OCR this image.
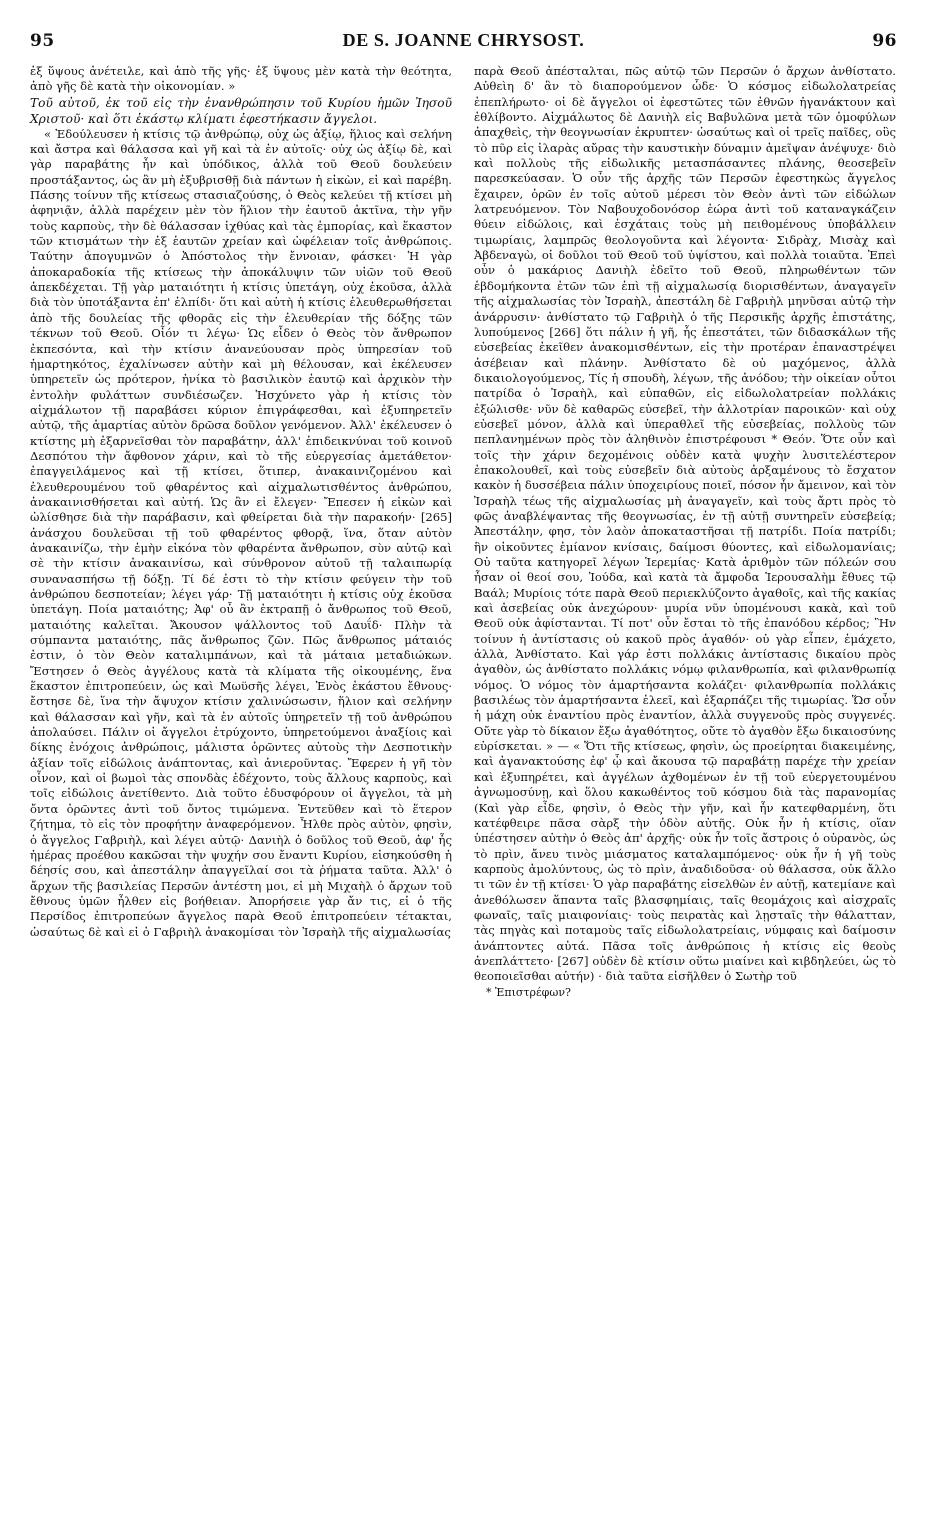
95	DE S. JOANNE CHRYSOST.	96

ἐξ ὕψους ἀνέτειλε, καὶ ἀπὸ τῆς γῆς· ἐξ ὕψους μὲν κατὰ τὴν θεότητα, ἀπὸ γῆς δὲ κατὰ τὴν οἰκονομίαν. »

Τοῦ αὐτοῦ, ἐκ τοῦ εἰς τὴν ἐνανθρώπησιν τοῦ Κυρίου ἡμῶν Ἰησοῦ Χριστοῦ· καὶ ὅτι ἑκάστῳ κλίματι ἐφεστήκασιν ἄγγελοι.

« Ἐδούλευσεν ἡ κτίσις τῷ ἀνθρώπῳ, οὐχ ὡς ἀξίῳ, ἥλιος καὶ σελήνη καὶ ἄστρα καὶ θάλασσα καὶ γῆ καὶ τὰ ἐν αὐτοῖς· οὐχ ὡς ἀξίῳ δὲ, καὶ γὰρ παραβάτης ἦν καὶ ὑπόδικος, ἀλλὰ τοῦ Θεοῦ δουλεύειν προστάξαντος, ὡς ἂν μὴ ἐξυβρισθῇ διὰ πάντων ἡ εἰκὼν, εἰ καὶ παρέβη. Πάσης τοίνυν τῆς κτίσεως στασιαζούσης, ὁ Θεὸς κελεύει τῇ κτίσει μὴ ἀφηνιᾷν, ἀλλὰ παρέχειν μὲν τὸν ἥλιον τὴν ἑαυτοῦ ἀκτῖνα, τὴν γῆν τοὺς καρποὺς, τὴν δὲ θάλασσαν ἰχθύας καὶ τὰς ἐμπορίας, καὶ ἕκαστον τῶν κτισμάτων τὴν ἐξ ἑαυτῶν χρείαν καὶ ὠφέλειαν τοῖς ἀνθρώποις. Ταύτην ἀπογυμνῶν ὁ Ἀπόστολος τὴν ἔννοιαν, φάσκει· Ἡ γὰρ ἀποκαραδοκία τῆς κτίσεως τὴν ἀποκάλυψιν τῶν υἱῶν τοῦ Θεοῦ ἀπεκδέχεται. Τῇ γὰρ ματαιότητι ἡ κτίσις ὑπετάγη, οὐχ ἑκοῦσα, ἀλλὰ διὰ τὸν ὑποτάξαντα ἐπ' ἐλπίδι· ὅτι καὶ αὐτὴ ἡ κτίσις ἐλευθερωθήσεται ἀπὸ τῆς δουλείας τῆς φθορᾶς εἰς τὴν ἐλευθερίαν τῆς δόξης τῶν τέκνων τοῦ Θεοῦ. Οἷόν τι λέγω· Ὡς εἶδεν ὁ Θεὸς τὸν ἄνθρωπον ἐκπεσόντα, καὶ τὴν κτίσιν ἀνανεύουσαν πρὸς ὑπηρεσίαν τοῦ ἡμαρτηκότος, ἐχαλίνωσεν αὐτὴν καὶ μὴ θέλουσαν, καὶ ἐκέλευσεν ὑπηρετεῖν ὡς πρότερον, ἡνίκα τὸ βασιλικὸν ἑαυτῷ καὶ ἀρχικὸν τὴν ἐντολὴν φυλάττων συνδιέσωζεν. Ἡσχύνετο γὰρ ἡ κτίσις τὸν αἰχμάλωτον τῇ παραβάσει κύριον ἐπιγράφεσθαι, καὶ ἐξυπηρετεῖν αὐτῷ, τῆς ἁμαρτίας αὐτὸν δρῶσα δοῦλον γενόμενον. Ἀλλ' ἐκέλευσεν ὁ κτίστης μὴ ἐξαρνεῖσθαι τὸν παραβάτην, ἀλλ' ἐπιδεικνύναι τοῦ κοινοῦ Δεσπότου τὴν ἄφθονον χάριν, καὶ τὸ τῆς εὐεργεσίας ἀμετάθετον· ἐπαγγειλάμενος καὶ τῇ κτίσει, ὅτιπερ, ἀνακαινιζομένου καὶ ἐλευθερουμένου τοῦ φθαρέντος καὶ αἰχμαλωτισθέντος ἀνθρώπου, ἀνακαινισθήσεται καὶ αὐτή. Ὡς ἂν εἰ ἔλεγεν· Ἔπεσεν ἡ εἰκὼν καὶ ὠλίσθησε διὰ τὴν παράβασιν, καὶ φθείρεται διὰ τὴν παρακοήν· [265] ἀνάσχου δουλεῦσαι τῇ τοῦ φθαρέντος φθορᾷ, ἵνα, ὅταν αὐτὸν ἀνακαινίζω, τὴν ἐμὴν εἰκόνα τὸν φθαρέντα ἄνθρωπον, σὺν αὐτῷ καὶ σὲ τὴν κτίσιν ἀνακαινίσω, καὶ σύνθρονον αὐτοῦ τῇ ταλαιπωρίᾳ συνανασπήσω τῇ δόξῃ. Τί δέ ἐστι τὸ τὴν κτίσιν φεύγειν τὴν τοῦ ἀνθρώπου δεσποτείαν; λέγει γάρ· Τῇ ματαιότητι ἡ κτίσις οὐχ ἑκοῦσα ὑπετάγη. Ποία ματαιότης; Ἀφ' οὗ ἂν ἐκτραπῇ ὁ ἄνθρωπος τοῦ Θεοῦ, ματαιότης καλεῖται. Ἄκουσον ψάλλοντος τοῦ Δαυΐδ· Πλὴν τὰ σύμπαντα ματαιότης, πᾶς ἄνθρωπος ζῶν. Πῶς ἄνθρωπος μάταιός ἐστιν, ὁ τὸν Θεὸν καταλιμπάνων, καὶ τὰ μάταια μεταδιώκων. Ἔστησεν ὁ Θεὸς ἀγγέλους κατὰ τὰ κλίματα τῆς οἰκουμένης, ἕνα ἕκαστον ἐπιτροπεύειν, ὡς καὶ Μωϋσῆς λέγει, Ἑνὸς ἑκάστου ἔθνους· ἔστησε δὲ, ἵνα τὴν ἄψυχον κτίσιν χαλινώσωσιν, ἥλιον καὶ σελήνην καὶ θάλασσαν καὶ γῆν, καὶ τὰ ἐν αὐτοῖς ὑπηρετεῖν τῇ τοῦ ἀνθρώπου ἀπολαύσει. Πάλιν οἱ ἄγγελοι ἐτρύχοντο, ὑπηρετούμενοι ἀναξίοις καὶ δίκης ἐνόχοις ἀνθρώποις, μάλιστα ὁρῶντες αὐτοὺς τὴν Δεσποτικὴν ἀξίαν τοῖς εἰδώλοις ἀνάπτοντας, καὶ ἀνιεροῦντας. Ἔφερεν ἡ γῆ τὸν οἶνον, καὶ οἱ βωμοὶ τὰς σπονδὰς ἐδέχοντο, τοὺς ἄλλους καρποὺς, καὶ τοῖς εἰδώλοις ἀνετίθεντο. Διὰ τοῦτο ἐδυσφόρουν οἱ ἄγγελοι, τὰ μὴ ὄντα ὁρῶντες ἀντὶ τοῦ ὄντος τιμώμενα. Ἐντεῦθεν καὶ τὸ ἕτερον ζήτημα, τὸ εἰς τὸν προφήτην ἀναφερόμενον. Ἦλθε πρὸς αὐτὸν, φησὶν, ὁ ἄγγελος Γαβριὴλ, καὶ λέγει αὐτῷ· Δανιὴλ ὁ δοῦλος τοῦ Θεοῦ, ἀφ' ἧς ἡμέρας προέθου κακῶσαι τὴν ψυχήν σου ἔναντι Κυρίου, εἰσηκούσθη ἡ δέησίς σου, καὶ ἀπεστάλην ἀπαγγεῖλαί σοι τὰ ῥήματα ταῦτα. Ἀλλ' ὁ ἄρχων τῆς βασιλείας Περσῶν ἀντέστη μοι, εἰ μὴ Μιχαὴλ ὁ ἄρχων τοῦ ἔθνους ὑμῶν ἦλθεν εἰς βοήθειαν. Ἀπορήσειε γὰρ ἄν τις, εἰ ὁ τῆς Περσίδος ἐπιτροπεύων ἄγγελος παρὰ Θεοῦ ἐπιτροπεύειν τέτακται, ὡσαύτως δὲ καὶ εἰ ὁ Γαβριὴλ ἀνακομίσαι τὸν Ἰσραὴλ τῆς αἰχμαλωσίας

παρὰ Θεοῦ ἀπέσταλται, πῶς αὐτῷ τῶν Περσῶν ὁ ἄρχων ἀνθίστατο. Αὐθεὶη δ' ἂν τὸ διαπορούμενον ὧδε· Ὁ κόσμος εἰδωλολατρείας ἐπεπλήρωτο· οἱ δὲ ἄγγελοι οἱ ἐφεστῶτες τῶν ἐθνῶν ἠγανάκτουν καὶ ἐθλίβοντο. Αἰχμάλωτος δὲ Δανιὴλ εἰς Βαβυλῶνα μετὰ τῶν ὁμοφύλων ἀπαχθεὶς, τὴν θεογνωσίαν ἐκρυπτεν· ὡσαύτως καὶ οἱ τρεῖς παῖδες, οὓς τὸ πῦρ εἰς ἱλαρὰς αὔρας τὴν καυστικὴν δύναμιν ἀμεῖψαν ἀνέψυχε· διὸ καὶ πολλοὺς τῆς εἰδωλικῆς μετασπάσαντες πλάνης, θεοσεβεῖν παρεσκεύασαν. Ὁ οὖν τῆς ἀρχῆς τῶν Περσῶν ἐφεστηκὼς ἄγγελος ἔχαιρεν, ὁρῶν ἐν τοῖς αὐτοῦ μέρεσι τὸν Θεὸν ἀντὶ τῶν εἰδώλων λατρευόμενον. Τὸν Ναβουχοδονόσορ ἑώρα ἀντὶ τοῦ καταναγκάζειν θύειν εἰδώλοις, καὶ ἐσχάταις τοὺς μὴ πειθομένους ὑποβάλλειν τιμωρίαις, λαμπρῶς θεολογοῦντα καὶ λέγοντα· Σιδρὰχ, Μισὰχ καὶ Ἀβδεναγὼ, οἱ δοῦλοι τοῦ Θεοῦ τοῦ ὑψίστου, καὶ πολλὰ τοιαῦτα. Ἐπεὶ οὖν ὁ μακάριος Δανιὴλ ἐδεῖτο τοῦ Θεοῦ, πληρωθέντων τῶν ἑβδομήκοντα ἐτῶν τῶν ἐπὶ τῇ αἰχμαλωσίᾳ διορισθέντων, ἀναγαγεῖν τῆς αἰχμαλωσίας τὸν Ἰσραὴλ, ἀπεστάλη δὲ Γαβριὴλ μηνῦσαι αὐτῷ τὴν ἀνάρρυσιν· ἀνθίστατο τῷ Γαβριὴλ ὁ τῆς Περσικῆς ἀρχῆς ἐπιστάτης, λυπούμενος [266] ὅτι πάλιν ἡ γῆ, ἧς ἐπεστάτει, τῶν διδασκάλων τῆς εὐσεβείας ἐκεῖθεν ἀνακομισθέντων, εἰς τὴν προτέραν ἐπαναστρέψει ἀσέβειαν καὶ πλάνην. Ἀνθίστατο δὲ οὐ μαχόμενος, ἀλλὰ δικαιολογούμενος, Τίς ἡ σπουδὴ, λέγων, τῆς ἀνόδου; τὴν οἰκείαν οὗτοι πατρίδα ὁ Ἰσραὴλ, καὶ εὐπαθῶν, εἰς εἰδωλολατρείαν πολλάκις ἐξώλισθε· νῦν δὲ καθαρῶς εὐσεβεῖ, τὴν ἀλλοτρίαν παροικῶν· καὶ οὐχ εὐσεβεῖ μόνον, ἀλλὰ καὶ ὑπεραθλεῖ τῆς εὐσεβείας, πολλοὺς τῶν πεπλανημένων πρὸς τὸν ἀληθινὸν ἐπιστρέφουσι * Θεόν. Ὅτε οὖν καὶ τοῖς τὴν χάριν δεχομένοις οὐδὲν κατὰ ψυχὴν λυσιτελέστερον ἐπακολουθεῖ, καὶ τοὺς εὐσεβεῖν διὰ αὐτοὺς ἀρξαμένους τὸ ἔσχατον κακὸν ἡ δυσσέβεια πάλιν ὑποχειρίους ποιεῖ, πόσον ἦν ἄμεινον, καὶ τὸν Ἰσραὴλ τέως τῆς αἰχμαλωσίας μὴ ἀναγαγεῖν, καὶ τοὺς ἄρτι πρὸς τὸ φῶς ἀναβλέψαντας τῆς θεογνωσίας, ἐν τῇ αὐτῇ συντηρεῖν εὐσεβείᾳ; Ἀπεστάλην, φησ, τὸν λαὸν ἀποκαταστῆσαι τῇ πατρίδι. Ποία πατρίδι; ἣν οἰκοῦντες ἐμίανον κνίσαις, δαίμοσι θύοντες, καὶ εἰδωλομανίαις; Οὐ ταῦτα κατηγορεῖ λέγων Ἱερεμίας· Κατὰ ἀριθμὸν τῶν πόλεών σου ἦσαν οἱ θεοί σου, Ἰούδα, καὶ κατὰ τὰ ἄμφοδα Ἱερουσαλὴμ ἔθυες τῷ Βαάλ; Μυρίοις τότε παρὰ Θεοῦ περιεκλύζοντο ἀγαθοῖς, καὶ τῆς κακίας καὶ ἀσεβείας οὐκ ἀνεχώρουν· μυρία νῦν ὑπομένουσι κακὰ, καὶ τοῦ Θεοῦ οὐκ ἀφίστανται. Τί ποτ' οὖν ἔσται τὸ τῆς ἐπανόδου κέρδος; Ἣν τοίνυν ἡ ἀντίστασις οὐ κακοῦ πρὸς ἀγαθόν· οὐ γὰρ εἶπεν, ἐμάχετο, ἀλλὰ, Ἀνθίστατο. Καὶ γάρ ἐστι πολλάκις ἀντίστασις δικαίου πρὸς ἀγαθὸν, ὡς ἀνθίστατο πολλάκις νόμῳ φιλανθρωπία, καὶ φιλανθρωπίᾳ νόμος. Ὁ νόμος τὸν ἁμαρτήσαντα κολάζει· φιλανθρωπία πολλάκις βασιλέως τὸν ἁμαρτήσαντα ἐλεεῖ, καὶ ἐξαρπάζει τῆς τιμωρίας. Ὥσ οὖν ἡ μάχη οὐκ ἐναντίου πρὸς ἐναντίον, ἀλλὰ συγγενοῦς πρὸς συγγενές. Οὔτε γὰρ τὸ δίκαιον ἔξω ἀγαθότητος, οὔτε τὸ ἀγαθὸν ἔξω δικαιοσύνης εὑρίσκεται. » — « Ὅτι τῆς κτίσεως, φησὶν, ὡς προείρηται διακειμένης, καὶ ἀγανακτούσης ἐφ' ᾧ καὶ ἄκουσα τῷ παραβάτῃ παρέχε τὴν χρείαν καὶ ἐξυπηρέτει, καὶ ἀγγέλων ἀχθομένων ἐν τῇ τοῦ εὐεργετουμένου ἀγνωμοσύνῃ, καὶ ὅλου κακωθέντος τοῦ κόσμου διὰ τὰς παρανομίας (Καὶ γὰρ εἶδε, φησὶν, ὁ Θεὸς τὴν γῆν, καὶ ἦν κατεφθαρμένη, ὅτι κατέφθειρε πᾶσα σὰρξ τὴν ὁδὸν αὐτῆς. Οὐκ ἦν ἡ κτίσις, οἵαν ὑπέστησεν αὐτὴν ὁ Θεὸς ἀπ' ἀρχῆς· οὐκ ἦν τοῖς ἄστροις ὁ οὐρανὸς, ὡς τὸ πρὶν, ἄνευ τινὸς μιάσματος καταλαμπόμενος· οὐκ ἦν ἡ γῆ τοὺς καρποὺς ἀμολύντους, ὡς τὸ πρὶν, ἀναδιδοῦσα· οὐ θάλασσα, οὐκ ἄλλο τι τῶν ἐν τῇ κτίσει· Ὁ γὰρ παραβάτης εἰσελθὼν ἐν αὐτῇ, κατεμίανε καὶ ἀνεθόλωσεν ἅπαντα ταῖς βλασφημίαις, ταῖς θεομάχοις καὶ αἰσχραῖς φωναῖς, ταῖς μιαιφονίαις· τοὺς πειρατὰς καὶ λῃσταῖς τὴν θάλατταν, τὰς πηγὰς καὶ ποταμοὺς ταῖς εἰδωλολατρείαις, νύμφαις καὶ δαίμοσιν ἀνάπτοντες αὐτά. Πᾶσα τοῖς ἀνθρώποις ἡ κτίσις εἰς θεοὺς ἀνεπλάττετο· [267] οὐδὲν δὲ κτίσιν οὕτω μιαίνει καὶ κιβδηλεύει, ὡς τὸ θεοποιεῖσθαι αὐτήν) · διὰ ταῦτα εἰσῆλθεν ὁ Σωτὴρ τοῦ

* Ἐπιστρέφων?
